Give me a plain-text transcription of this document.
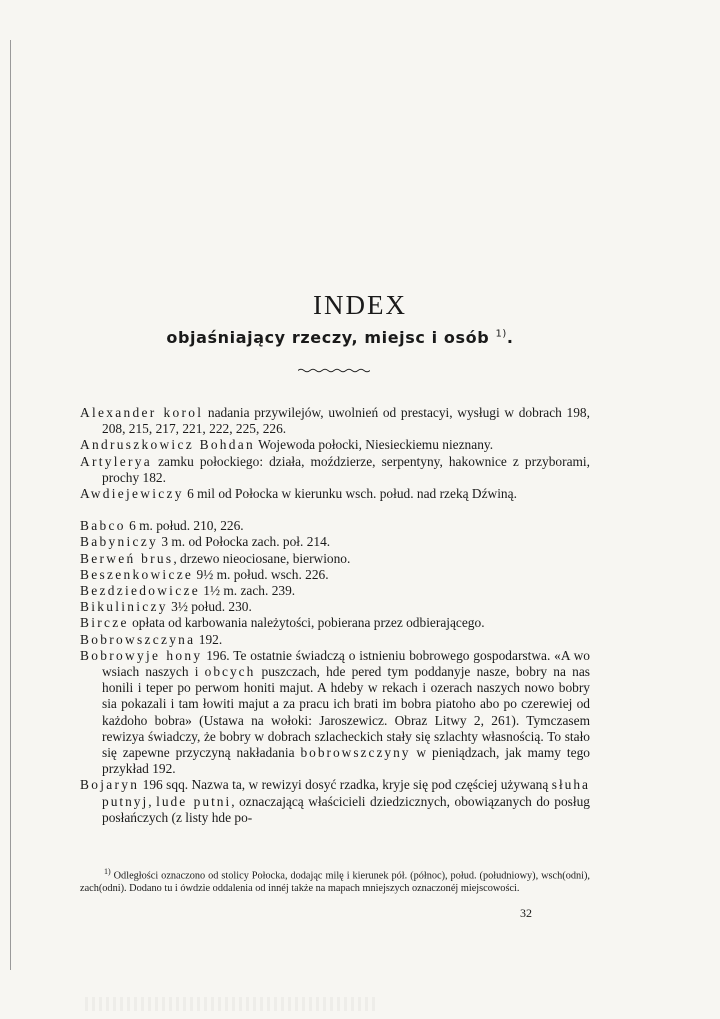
INDEX
objaśniający rzeczy, miejsc i osób $^{1)}$.
Alexander korol nadania przywilejów, uwolnień od prestacyi, wysługi w dobrach 198, 208, 215, 217, 221, 222, 225, 226.
Andruszkowicz Bohdan Wojewoda połocki, Niesieckiemu nieznany.
Artylerya zamku połockiego: działa, moździerze, serpentyny, hakownice z przyborami, prochy 182.
Awdiejewiczy 6 mil od Połocka w kierunku wsch. połud. nad rzeką Dźwiną.
Babco 6 m. połud. 210, 226.
Babyniczy 3 m. od Połocka zach. poł. 214.
Berweń brus, drzewo nieociosane, bierwiono.
Beszenkowicze 9½ m. połud. wsch. 226.
Bezdziedowicze 1½ m. zach. 239.
Bikuliniczy 3½ połud. 230.
Bircze opłata od karbowania należytości, pobierana przez odbierającego.
Bobrowszczyna 192.
Bobrowyje hony 196. Te ostatnie świadczą o istnieniu bobrowego gospodarstwa. «A wo wsiach naszych i obcych puszczach, hde pered tym poddanyje nasze, bobry na nas honili i teper po perwom honiti majut. A hdeby w rekach i ozerach naszych nowo bobry sia pokazali i tam łowiti majut a za pracu ich brati im bobra piatoho abo po czerewiej od każdoho bobra» (Ustawa na wołoki: Jaroszewicz. Obraz Litwy 2, 261). Tymczasem rewizya świadczy, że bobry w dobrach szlacheckich stały się szlachty własnością. To stało się zapewne przyczyną nakładania bobrowszczyny w pieniądzach, jak mamy tego przykład 192.
Bojaryn 196 sqq. Nazwa ta, w rewizyi dosyć rzadka, kryje się pod częściej używaną słuha putnyj, lude putni, oznaczającą właścicieli dziedzicznych, obowiązanych do posług posłańczych (z listy hde po-
$^{1)}$ Odległości oznaczono od stolicy Połocka, dodając milę i kierunek pół. (północ), połud. (południowy), wsch(odni), zach(odni). Dodano tu i ówdzie oddalenia od innéj także na mapach mniejszych oznaczonéj miejscowości.
32
